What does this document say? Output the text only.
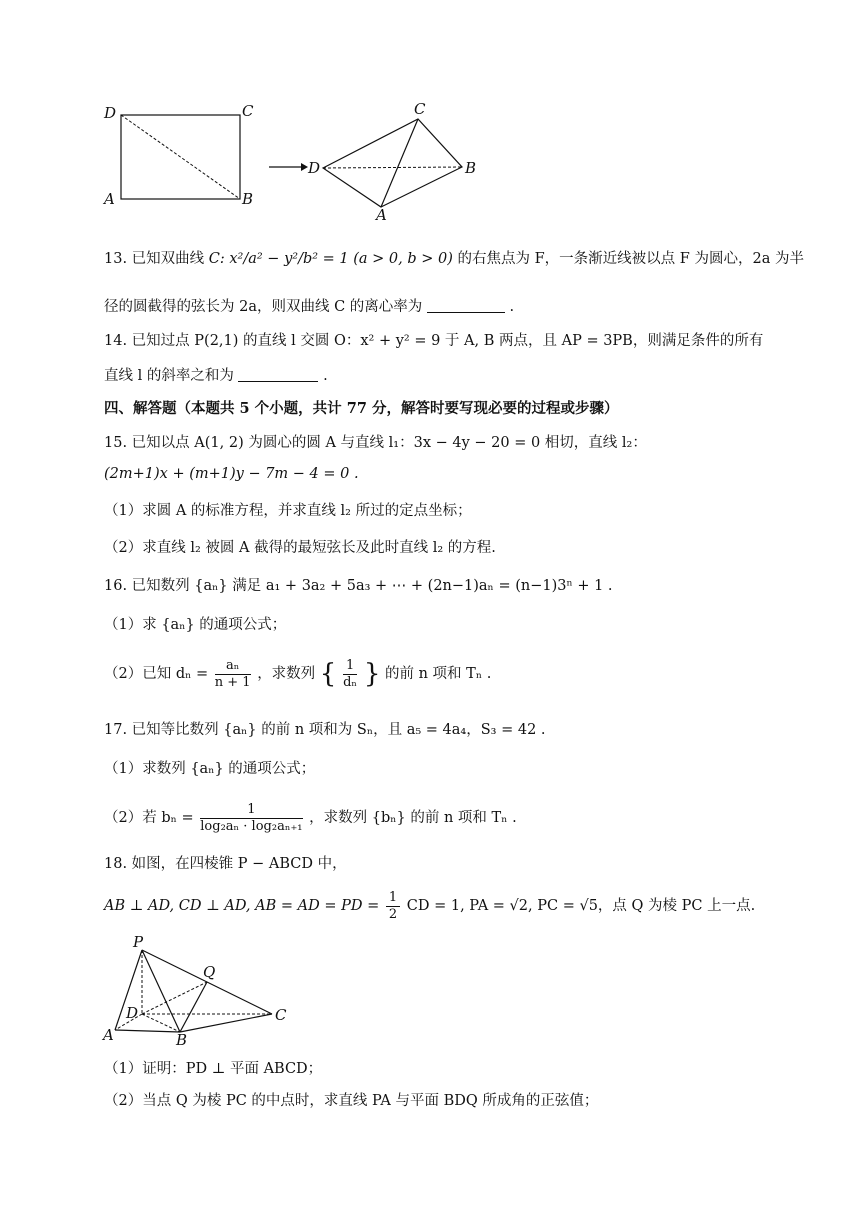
D	C
A	B
C
D	B
A
13. 已知双曲线 C: x²/a² − y²/b² = 1 (a > 0, b > 0) 的右焦点为 F，一条渐近线被以点 F 为圆心，2a 为半
径的圆截得的弦长为 2a，则双曲线 C 的离心率为	.
14. 已知过点 P(2,1) 的直线 l 交圆 O：x² + y² = 9 于 A, B 两点，且 AP = 3PB，则满足条件的所有
直线 l 的斜率之和为	.
四、解答题（本题共 5 个小题，共计 77 分，解答时要写现必要的过程或步骤）
15. 已知以点 A(1, 2) 为圆心的圆 A 与直线 l₁：3x − 4y − 20 = 0 相切，直线 l₂：
(2m+1)x + (m+1)y − 7m − 4 = 0 .
（1）求圆 A 的标准方程，并求直线 l₂ 所过的定点坐标；
（2）求直线 l₂ 被圆 A 截得的最短弦长及此时直线 l₂ 的方程.
16. 已知数列 {aₙ} 满足 a₁ + 3a₂ + 5a₃ + ⋯ + (2n−1)aₙ = (n−1)3ⁿ + 1 .
（1）求 {aₙ} 的通项公式；
（2）已知 $d_n = \frac{\text{aₙ}}{n + 1}$ ，求数列 { $\frac{1}{\text{dₙ}}$ } 的前 n 项和 Tₙ .
17. 已知等比数列 {aₙ} 的前 n 项和为 Sₙ，且 a₅ = 4a₄，S₃ = 42 .
（1）求数列 {aₙ} 的通项公式；
（2）若 $b_n = \frac{1}{\text{log₂aₙ · log₂aₙ₊₁}}$ ，求数列 {bₙ} 的前 n 项和 Tₙ .
18. 如图，在四棱锥 P − ABCD 中，
AB ⊥ AD, CD ⊥ AD, AB = AD = PD = $\frac{1}{2}$ CD = 1, PA = √2, PC = √5，点 Q 为棱 PC 上一点.
P
Q
D	C
A	B
（1）证明：PD ⊥ 平面 ABCD；
（2）当点 Q 为棱 PC 的中点时，求直线 PA 与平面 BDQ 所成角的正弦值；
